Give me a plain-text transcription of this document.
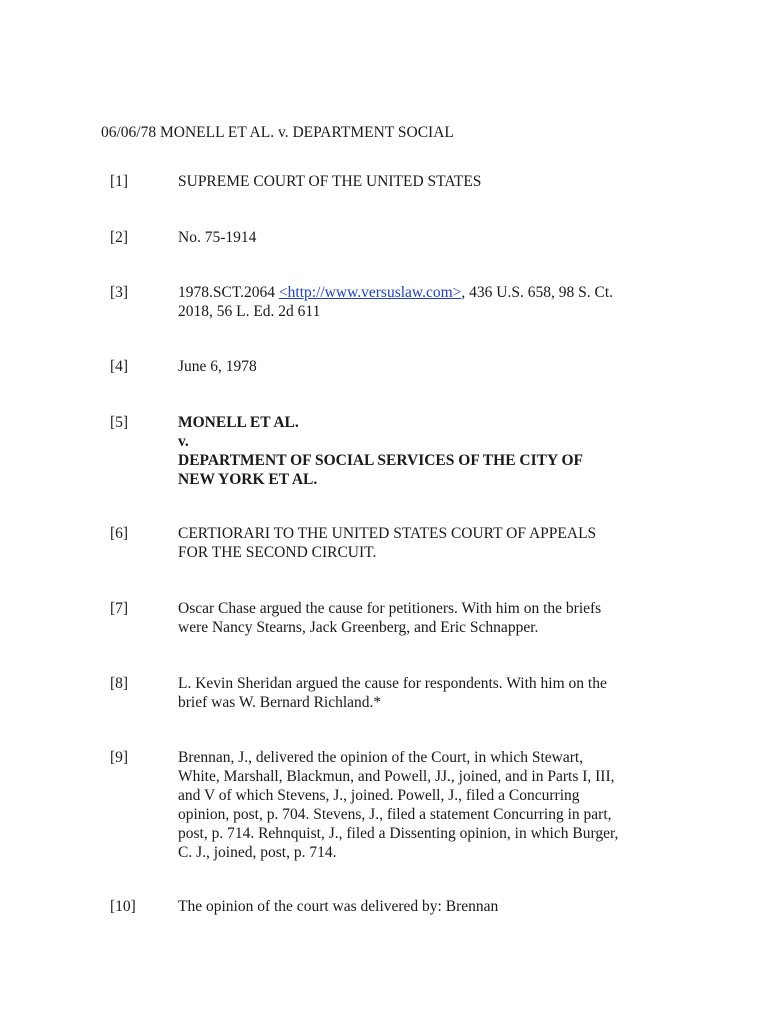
06/06/78 MONELL ET AL. v. DEPARTMENT SOCIAL
[1]	SUPREME COURT OF THE UNITED STATES
[2]	No. 75-1914
[3]	1978.SCT.2064 <http://www.versuslaw.com>, 436 U.S. 658, 98 S. Ct.
2018, 56 L. Ed. 2d 611
[4]	June 6, 1978
[5]	MONELL ET AL.
v.
DEPARTMENT OF SOCIAL SERVICES OF THE CITY OF
NEW YORK ET AL.
[6]	CERTIORARI TO THE UNITED STATES COURT OF APPEALS
FOR THE SECOND CIRCUIT.
[7]	Oscar Chase argued the cause for petitioners. With him on the briefs
were Nancy Stearns, Jack Greenberg, and Eric Schnapper.
[8]	L. Kevin Sheridan argued the cause for respondents. With him on the
brief was W. Bernard Richland.*
[9]	Brennan, J., delivered the opinion of the Court, in which Stewart,
White, Marshall, Blackmun, and Powell, JJ., joined, and in Parts I, III,
and V of which Stevens, J., joined. Powell, J., filed a Concurring
opinion, post, p. 704. Stevens, J., filed a statement Concurring in part,
post, p. 714. Rehnquist, J., filed a Dissenting opinion, in which Burger,
C. J., joined, post, p. 714.
[10]	The opinion of the court was delivered by: Brennan
